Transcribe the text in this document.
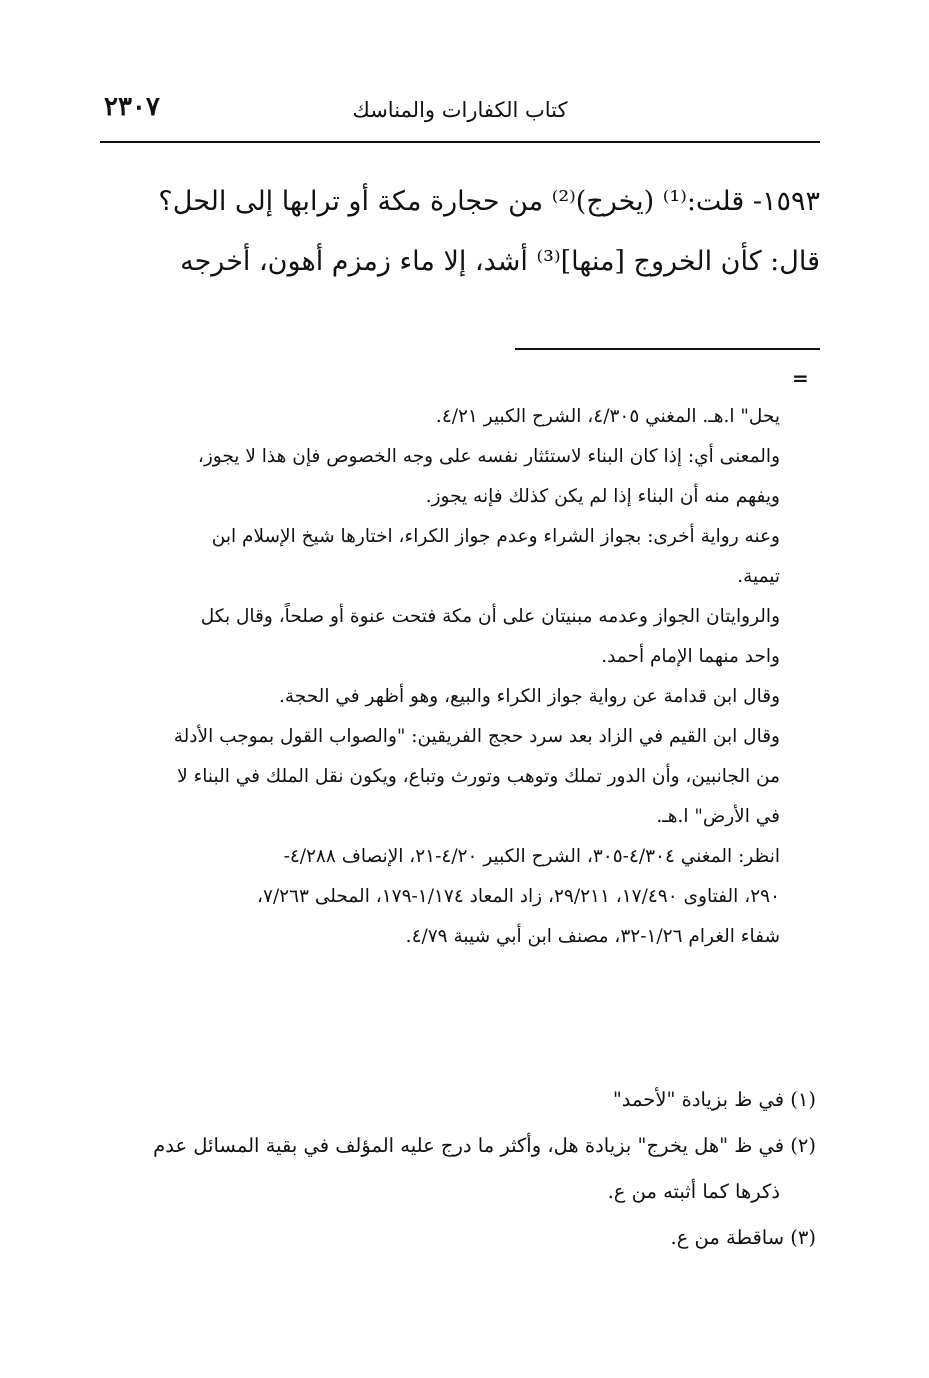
٢٣٠٧	كتاب الكفارات والمناسك
١٥٩٣- قلت:⁽¹⁾ (يخرج)⁽²⁾ من حجارة مكة أو ترابها إلى الحل؟
قال: كأن الخروج [منها]⁽³⁾ أشد، إلا ماء زمزم أهون، أخرجه
=
يحل" ا.هـ. المغني ٤/٣٠٥، الشرح الكبير ٤/٢١.
والمعنى أي: إذا كان البناء لاستئثار نفسه على وجه الخصوص فإن هذا لا يجوز،
ويفهم منه أن البناء إذا لم يكن كذلك فإنه يجوز.
وعنه رواية أخرى: بجواز الشراء وعدم جواز الكراء، اختارها شيخ الإسلام ابن
تيمية.
والروايتان الجواز وعدمه مبنيتان على أن مكة فتحت عنوة أو صلحاً، وقال بكل
واحد منهما الإمام أحمد.
وقال ابن قدامة عن رواية جواز الكراء والبيع، وهو أظهر في الحجة.
وقال ابن القيم في الزاد بعد سرد حجج الفريقين: "والصواب القول بموجب الأدلة
من الجانبين، وأن الدور تملك وتوهب وتورث وتباع، ويكون نقل الملك في البناء لا
في الأرض" ا.هـ.
انظر: المغني ٤/٣٠٤-٣٠٥، الشرح الكبير ٤/٢٠-٢١، الإنصاف ٤/٢٨٨-
٢٩٠، الفتاوى ١٧/٤٩٠، ٢٩/٢١١، زاد المعاد ١/١٧٤-١٧٩، المحلى ٧/٢٦٣،
شفاء الغرام ١/٢٦-٣٢، مصنف ابن أبي شيبة ٤/٧٩.
(١) في ظ بزيادة "لأحمد"
(٢) في ظ "هل يخرج" بزيادة هل، وأكثر ما درج عليه المؤلف في بقية المسائل عدم
ذكرها كما أثبته من ع.
(٣) ساقطة من ع.
